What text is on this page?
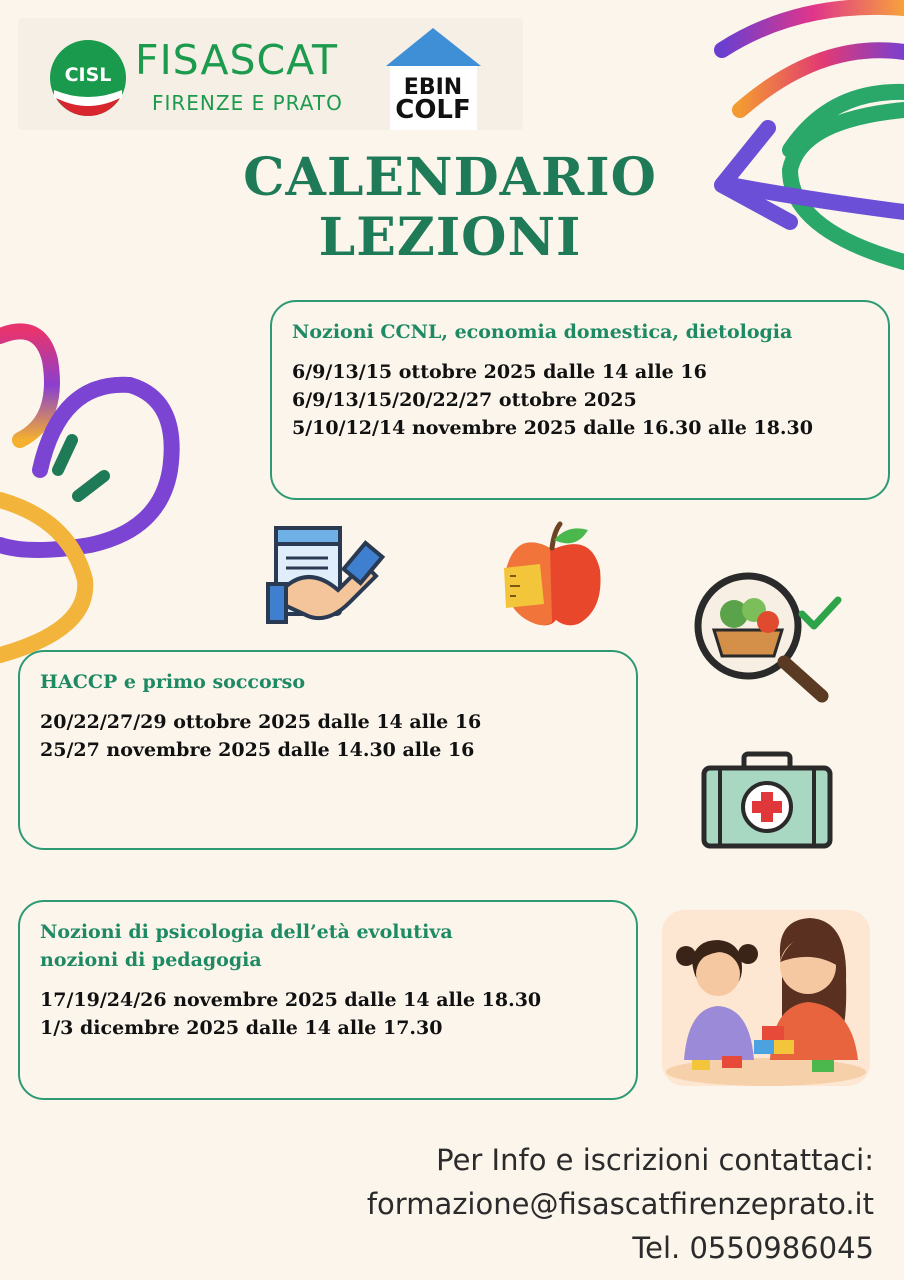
CISL FISASCAT
FIRENZE E PRATO
EBIN
COLF
CALENDARIO
LEZIONI
Nozioni CCNL, economia domestica, dietologia
6/9/13/15 ottobre 2025 dalle 14 alle 16
6/9/13/15/20/22/27 ottobre 2025
5/10/12/14 novembre 2025 dalle 16.30 alle 18.30
HACCP e primo soccorso
20/22/27/29 ottobre 2025 dalle 14 alle 16
25/27 novembre 2025 dalle 14.30 alle 16
Nozioni di psicologia dell’età evolutiva
nozioni di pedagogia
17/19/24/26 novembre 2025 dalle 14 alle 18.30
1/3 dicembre 2025 dalle 14 alle 17.30
Per Info e iscrizioni contattaci:
formazione@fisascatfirenzeprato.it
Tel. 0550986045
